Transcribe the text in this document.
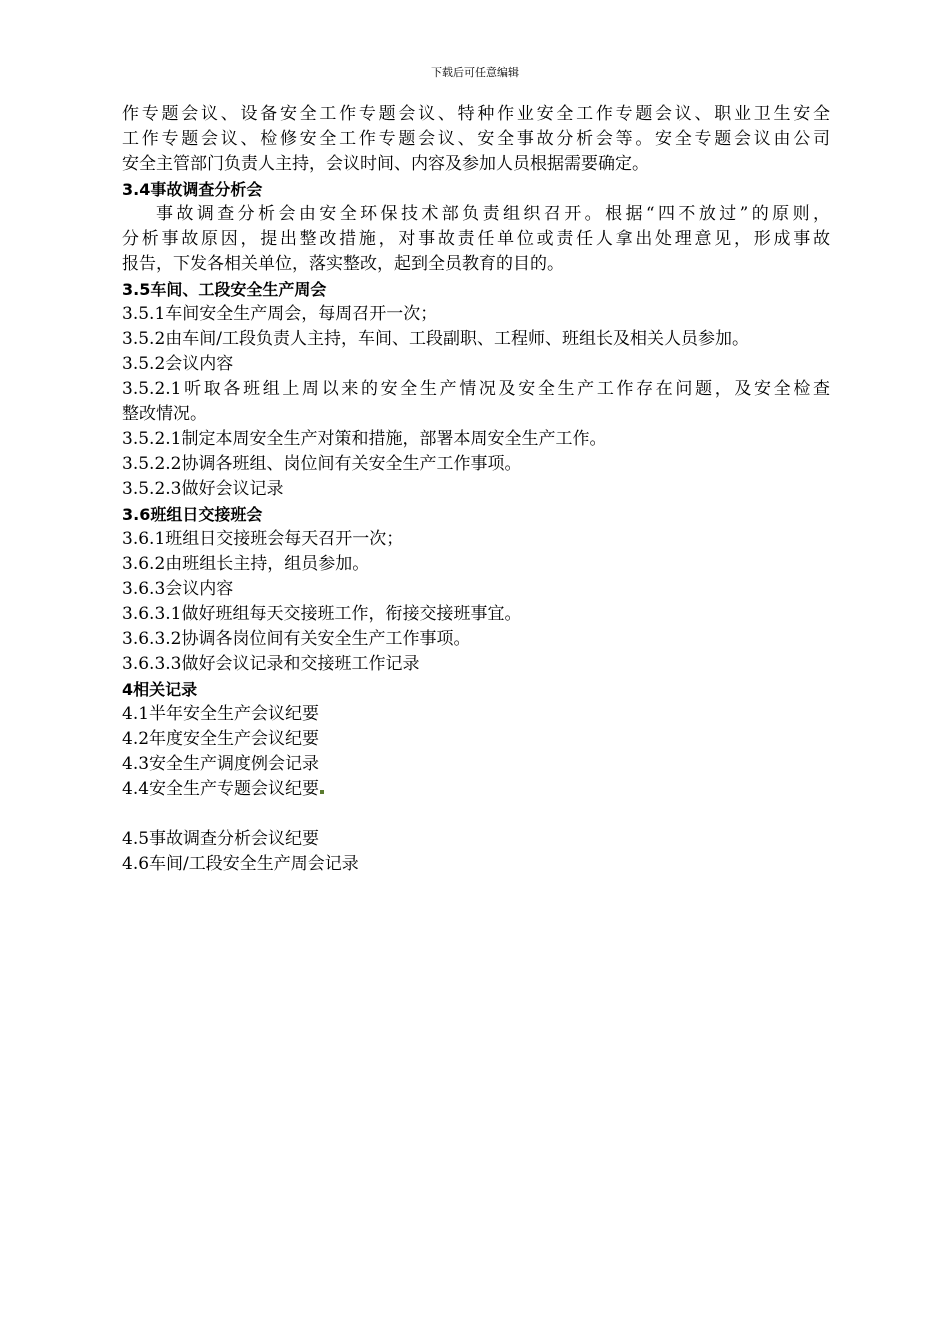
下载后可任意编辑
作专题会议、设备安全工作专题会议、特种作业安全工作专题会议、职业卫生安全
工作专题会议、检修安全工作专题会议、安全事故分析会等。安全专题会议由公司
安全主管部门负责人主持，会议时间、内容及参加人员根据需要确定。
3.4事故调查分析会
事故调查分析会由安全环保技术部负责组织召开。根据“四不放过”的原则，
分析事故原因，提出整改措施，对事故责任单位或责任人拿出处理意见，形成事故
报告，下发各相关单位，落实整改，起到全员教育的目的。
3.5车间、工段安全生产周会
3.5.1车间安全生产周会，每周召开一次；
3.5.2由车间/工段负责人主持，车间、工段副职、工程师、班组长及相关人员参加。
3.5.2会议内容
3.5.2.1听取各班组上周以来的安全生产情况及安全生产工作存在问题，及安全检查
整改情况。
3.5.2.1制定本周安全生产对策和措施，部署本周安全生产工作。
3.5.2.2协调各班组、岗位间有关安全生产工作事项。
3.5.2.3做好会议记录
3.6班组日交接班会
3.6.1班组日交接班会每天召开一次；
3.6.2由班组长主持，组员参加。
3.6.3会议内容
3.6.3.1做好班组每天交接班工作，衔接交接班事宜。
3.6.3.2协调各岗位间有关安全生产工作事项。
3.6.3.3做好会议记录和交接班工作记录
4相关记录
4.1半年安全生产会议纪要
4.2年度安全生产会议纪要
4.3安全生产调度例会记录
4.4安全生产专题会议纪要
4.5事故调查分析会议纪要
4.6车间/工段安全生产周会记录
